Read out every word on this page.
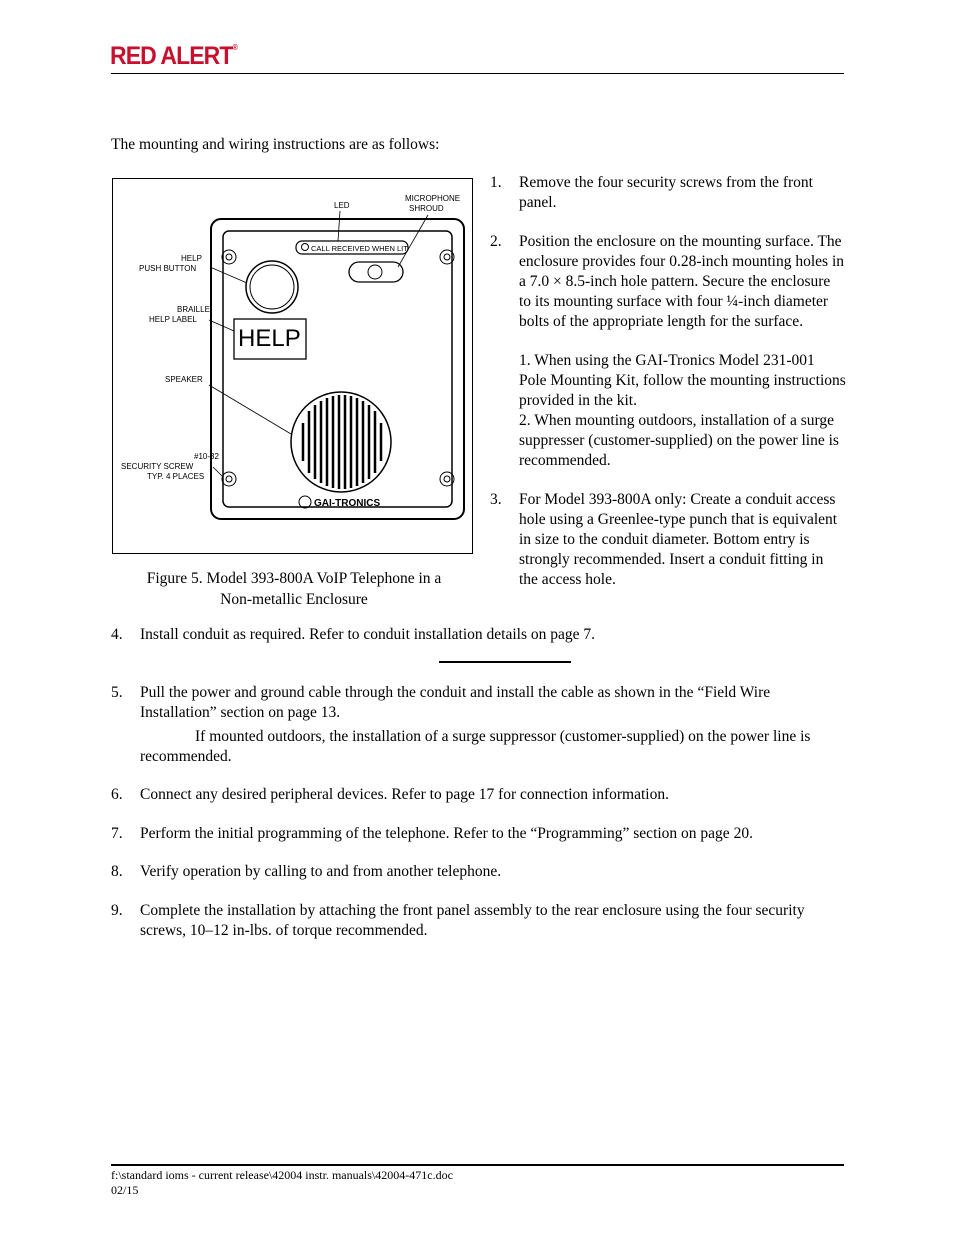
RED ALERT®
The mounting and wiring instructions are as follows:
CALL RECEIVED WHEN LIT
HELP
GAI-TRONICS
LED
MICROPHONE
SHROUD
HELP
PUSH BUTTON
BRAILLE
HELP LABEL
SPEAKER
#10-32
SECURITY SCREW
TYP. 4 PLACES
Figure 5. Model 393-800A VoIP Telephone in a
Non-metallic Enclosure
1. Remove the four security screws from the front panel.
2. Position the enclosure on the mounting surface. The enclosure provides four 0.28-inch mounting holes in a 7.0 × 8.5-inch hole pattern. Secure the enclosure to its mounting surface with four ¼-inch diameter bolts of the appropriate length for the surface.
1. When using the GAI-Tronics Model 231-001 Pole Mounting Kit, follow the mounting instructions provided in the kit.
2. When mounting outdoors, installation of a surge suppresser (customer-supplied) on the power line is recommended.
3. For Model 393-800A only: Create a conduit access hole using a Greenlee-type punch that is equivalent in size to the conduit diameter. Bottom entry is strongly recommended. Insert a conduit fitting in the access hole.
4. Install conduit as required. Refer to conduit installation details on page 7.
5. Pull the power and ground cable through the conduit and install the cable as shown in the “Field Wire Installation” section on page 13.
If mounted outdoors, the installation of a surge suppressor (customer-supplied) on the power line is recommended.
6. Connect any desired peripheral devices. Refer to page 17 for connection information.
7. Perform the initial programming of the telephone. Refer to the “Programming” section on page 20.
8. Verify operation by calling to and from another telephone.
9. Complete the installation by attaching the front panel assembly to the rear enclosure using the four security screws, 10–12 in-lbs. of torque recommended.
f:\standard ioms - current release\42004 instr. manuals\42004-471c.doc
02/15
